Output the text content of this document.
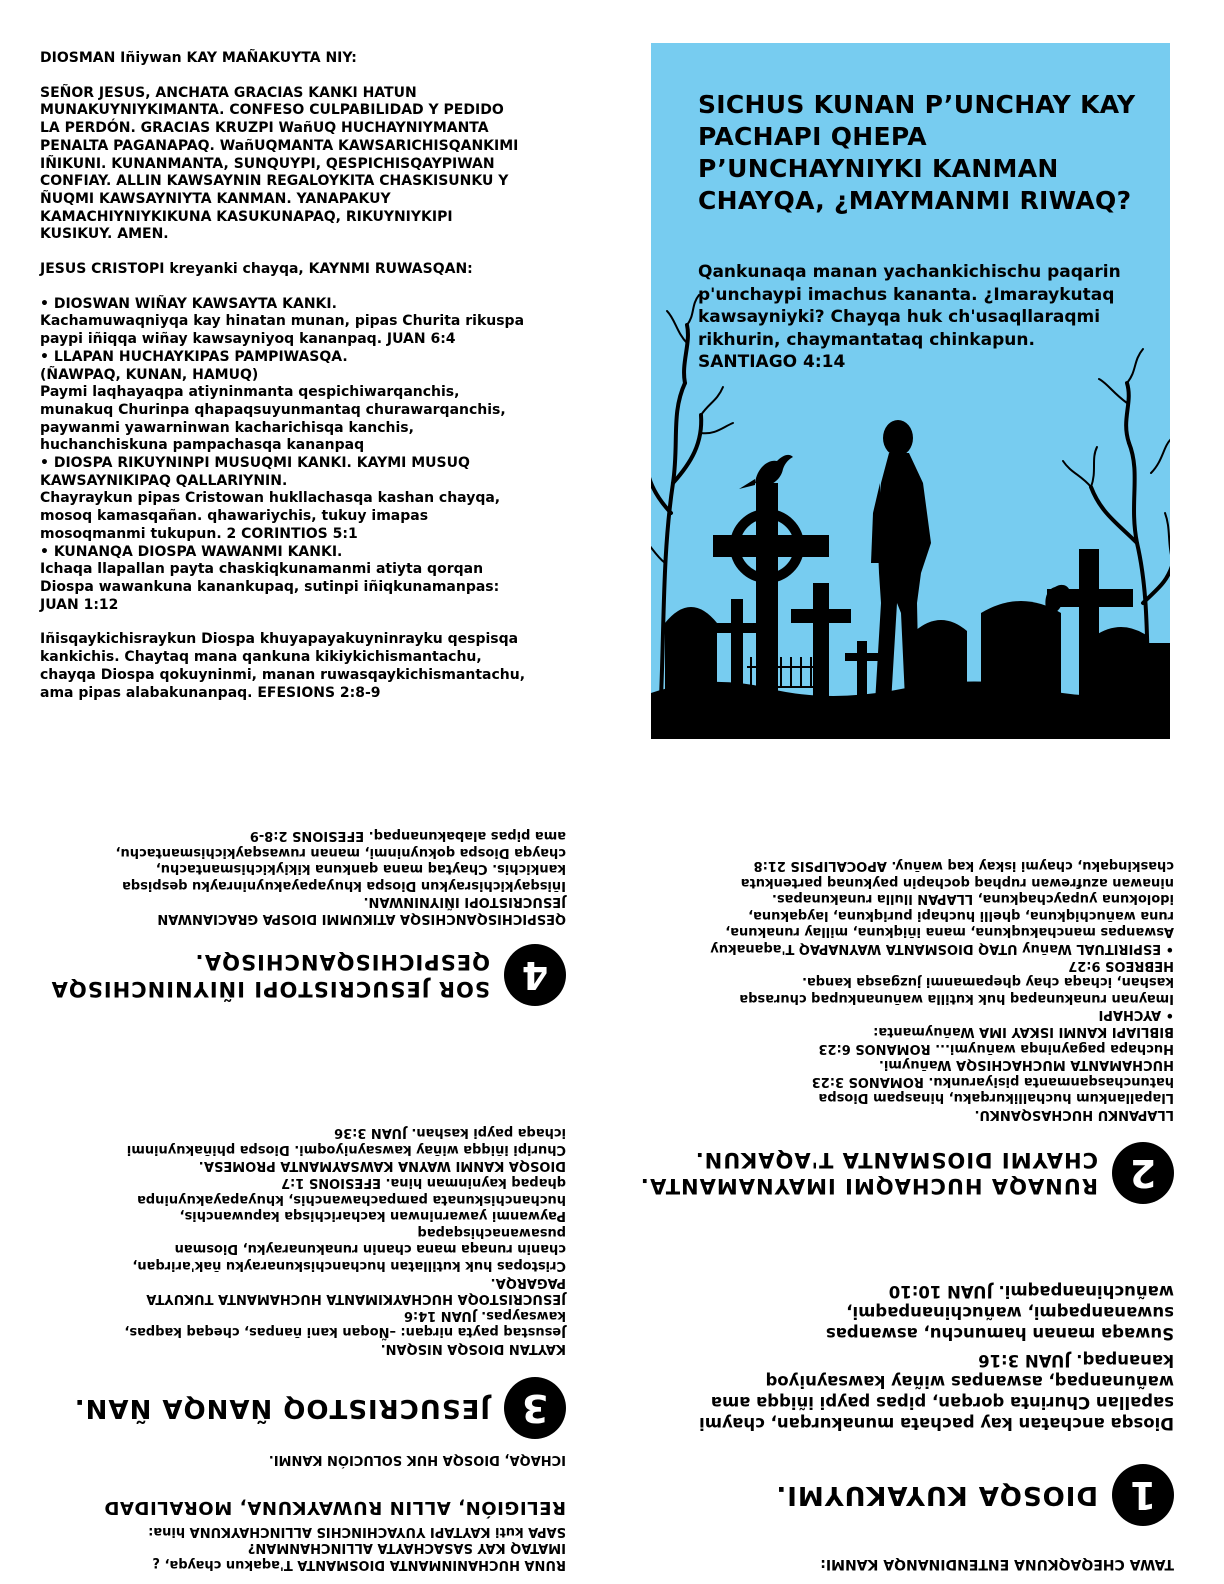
DIOSMAN Iñiywan KAY MAÑAKUYTA NIY:
SEÑOR JESUS, ANCHATA GRACIAS KANKI HATUN
MUNAKUYNIYKIMANTA. CONFESO CULPABILIDAD Y PEDIDO
LA PERDÓN. GRACIAS KRUZPI WañUQ HUCHAYNIYMANTA
PENALTA PAGANAPAQ. WañUQMANTA KAWSARICHISQANKIMI
IÑIKUNI. KUNANMANTA, SUNQUYPI, QESPICHISQAYPIWAN
CONFIAY. ALLIN KAWSAYNIN REGALOYKITA CHASKISUNKU Y
ÑUQMI KAWSAYNIYTA KANMAN. YANAPAKUY
KAMACHIYNIYKIKUNA KASUKUNAPAQ, RIKUYNIYKIPI
KUSIKUY. AMEN.
JESUS CRISTOPI kreyanki chayqa, KAYNMI RUWASQAN:
• DIOSWAN WIÑAY KAWSAYTA KANKI.
Kachamuwaqniyqa kay hinatan munan, pipas Churita rikuspa
paypi iñiqqa wiñay kawsayniyoq kananpaq. JUAN 6:4
• LLAPAN HUCHAYKIPAS PAMPIWASQA.
(ÑAWPAQ, KUNAN, HAMUQ)
Paymi laqhayaqpa atiyninmanta qespichiwarqanchis,
munakuq Churinpa qhapaqsuyunmantaq churawarqanchis,
paywanmi yawarninwan kacharichisqa kanchis,
huchanchiskuna pampachasqa kananpaq
• DIOSPA RIKUYNINPI MUSUQMI KANKI. KAYMI MUSUQ
KAWSAYNIKIPAQ QALLARIYNIN.
Chayraykun pipas Cristowan hukllachasqa kashan chayqa,
mosoq kamasqañan. qhawariychis, tukuy imapas
mosoqmanmi tukupun. 2 CORINTIOS 5:1
• KUNANQA DIOSPA WAWANMI KANKI.
Ichaqa llapallan payta chaskiqkunamanmi atiyta qorqan
Diospa wawankuna kanankupaq, sutinpi iñiqkunamanpas:
JUAN 1:12
Iñisqaykichisraykun Diospa khuyapayakuyninrayku qespisqa
kankichis. Chaytaq mana qankuna kikiykichismantachu,
chayqa Diospa qokuyninmi, manan ruwasqaykichismantachu,
ama pipas alabakunanpaq. EFESIONS 2:8-9
SICHUS KUNAN P’UNCHAY KAY PACHAPI QHEPA P’UNCHAYNIYKI KANMAN CHAYQA, ¿MAYMANMI RIWAQ?
Qankunaqa manan yachankichischu paqarin p'unchaypi imachus kananta. ¿Imaraykutaq kawsayniyki? Chayqa huk ch'usaqllaraqmi rikhurin, chaymantataq chinkapun. SANTIAGO 4:14
TAWA CHEQAQKUNA ENTENDINANQA KANMI:
1
DIOSQA KUYAKUYMI.
Diosqa anchatan kay pachata munakurqan, chaymi
sapallan Churinta qorqan, pipas paypi iñiqqa ama
wañunanpaq, aswanpas wiñay kawsayniyoq
kananpaq. JUAN 3:16
Suwaqa manan hamunchu, aswanpas
suwananpaqmi, wañuchinanpaqmi,
wañuchinanpaqmi. JUAN 10:10
2
RUNAQA HUCHAQMI IMAYNAMANTA.
CHAYMI DIOSMANTA T'AQAKUN.
LLAPANKU HUCHASQANKU.
Llapallankum huchallikurqaku, hinaspam Diospa
hatunchasqanmanta pisiyarunku. ROMANOS 3:23
HUCHAMANTA MUCHACHISQA Wañuymi.
Huchapa pagayninqa wañuymi... ROMANOS 6:23
BIBLIAPI KANMI ISKAY IMA Wañuymanta:
• AYCHAPI
Imaynan runakunapaq huk kutilla wañunankupaq churasqa
kashan, ichaqa chay qhepamanmi juzgasqa kanqa.
HEBREOS 9:27
• ESPIRITUAL Wañuy UTAQ DIOSMANTA WAYNAPAQ T'aqanakuy
Aswanpas manchakuqkuna, mana iñiqkuna, millay runakuna,
runa wañuchiqkuna, qhelli huchapi puriqkuna, layqakuna,
idolokuna yupaychaqkuna, LLAPAN llulla runakunapas.
ninawan azufrewan ruphaq qochapin paykunaq partenkuta
chaskinqaku, chaymi iskay kaq wañuy. APOCALIPSIS 21:8
RUNA HUCHANINMANTA DIOSMANTA T'aqakun chayqa, ¿
IMATAQ KAY SASACHAYTA ALLINCHANMAN?
SAPA kuti KAYTAPI YUYACHINCHIS ALLINCHAYKUNA hina:
RELIGIÓN, ALLIN RUWAYKUNA, MORALIDAD
ICHAQA, DIOSQA HUK SOLUCIÓN KANMI.
3
JESUCRISTOQ ÑANQA ÑAN.
KAYTAN DIOSQA NISQAN.
Jesustaq payta nirqan: –Ñoqan kani ñanpas, cheqaq kaqpas,
kawsaypas. JUAN 14:6
JESUCRISTOQA HUCHAYKIMANTA HUCHAMANTA TUKUYTA
PAGARQA.
Cristopas huk kutillatan huchanchiskunarayku ñak'arirqan,
chanin runaqa mana chanin runakunarayku, Diosman
pusawanachisqapaq
Paywanmi yawarninwan kacharichisqa kapuwanchis,
huchanchiskunata pampachawanchis, khuyapayakuyninpa
qhapaq kayninman hina. EFESIONS 1:7
DIOSQA KANMI WAYNA KAWSAYMANTA PROMESA.
Churipi iñiqqa wiñay kawsayniyoqmi. Diospa phiñakuyninmi
ichaqa paypi kashan. JUAN 3:36
4
SOR JESUCRISTOPI IÑIYNINCHISQA
QESPICHISQANCHISQA.
QESPICHISQANCHISQA ATIKUMMI DIOSPA GRACIANWAN
JESUCRISTOPI IÑIYNINWAN.
Iñisqaykichisraykun Diospa khuyapayakuyninrayku qespisqa
kankichis. Chaytaq mana qankuna kikiykichismantachu,
chayqa Diospa qokuyninmi, manan ruwasqaykichismantachu,
ama pipas alabakunanpaq. EFESIONS 2:8-9
